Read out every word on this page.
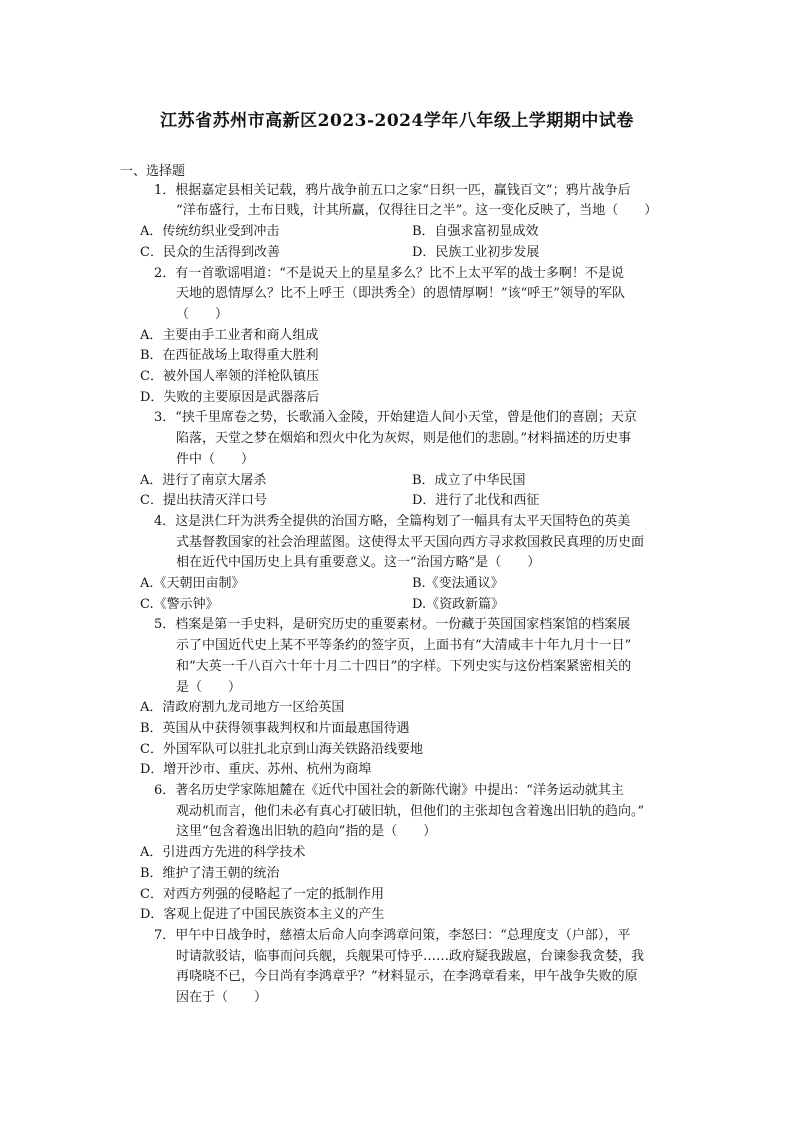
江苏省苏州市高新区2023-2024学年八年级上学期期中试卷
一、选择题
1．根据嘉定县相关记载，鸦片战争前五口之家“日织一匹，赢钱百文”；鸦片战争后
“洋布盛行，土布日贱，计其所赢，仅得往日之半”。这一变化反映了，当地（　　）
A．传统纺织业受到冲击	B．自强求富初显成效
C．民众的生活得到改善	D．民族工业初步发展
2．有一首歌谣唱道：“不是说天上的星星多么？比不上太平军的战士多啊！不是说
天地的恩情厚么？比不上呼王（即洪秀全）的恩情厚啊！”该“呼王”领导的军队
（　　）
A．主要由手工业者和商人组成
B．在西征战场上取得重大胜利
C．被外国人率领的洋枪队镇压
D．失败的主要原因是武器落后
3．“挟千里席卷之势，长歌涌入金陵，开始建造人间小天堂，曾是他们的喜剧；天京
陷落，天堂之梦在烟焰和烈火中化为灰烬，则是他们的悲剧。”材料描述的历史事
件中（　　）
A．进行了南京大屠杀	B．成立了中华民国
C．提出扶清灭洋口号	D．进行了北伐和西征
4．这是洪仁玕为洪秀全提供的治国方略，全篇构划了一幅具有太平天国特色的英美
式基督教国家的社会治理蓝图。这使得太平天国向西方寻求救国救民真理的历史面
相在近代中国历史上具有重要意义。这一“治国方略”是（　　）
A.《天朝田亩制》	B.《变法通议》
C.《警示钟》	D.《资政新篇》
5．档案是第一手史料，是研究历史的重要素材。一份藏于英国国家档案馆的档案展
示了中国近代史上某不平等条约的签字页，上面书有“大清咸丰十年九月十一日”
和“大英一千八百六十年十月二十四日”的字样。下列史实与这份档案紧密相关的
是（　　）
A．清政府割九龙司地方一区给英国
B．英国从中获得领事裁判权和片面最惠国待遇
C．外国军队可以驻扎北京到山海关铁路沿线要地
D．增开沙市、重庆、苏州、杭州为商埠
6．著名历史学家陈旭麓在《近代中国社会的新陈代谢》中提出：“洋务运动就其主
观动机而言，他们未必有真心打破旧轨，但他们的主张却包含着逸出旧轨的趋向。”
这里“包含着逸出旧轨的趋向”指的是（　　）
A．引进西方先进的科学技术
B．维护了清王朝的统治
C．对西方列强的侵略起了一定的抵制作用
D．客观上促进了中国民族资本主义的产生
7．甲午中日战争时，慈禧太后命人向李鸿章问策，李怒曰：“总理度支（户部），平
时请款驳诘，临事而问兵舰，兵舰果可恃乎……政府疑我跋扈，台谏参我贪婪，我
再哓哓不已，今日尚有李鸿章乎？”材料显示，在李鸿章看来，甲午战争失败的原
因在于（　　）
